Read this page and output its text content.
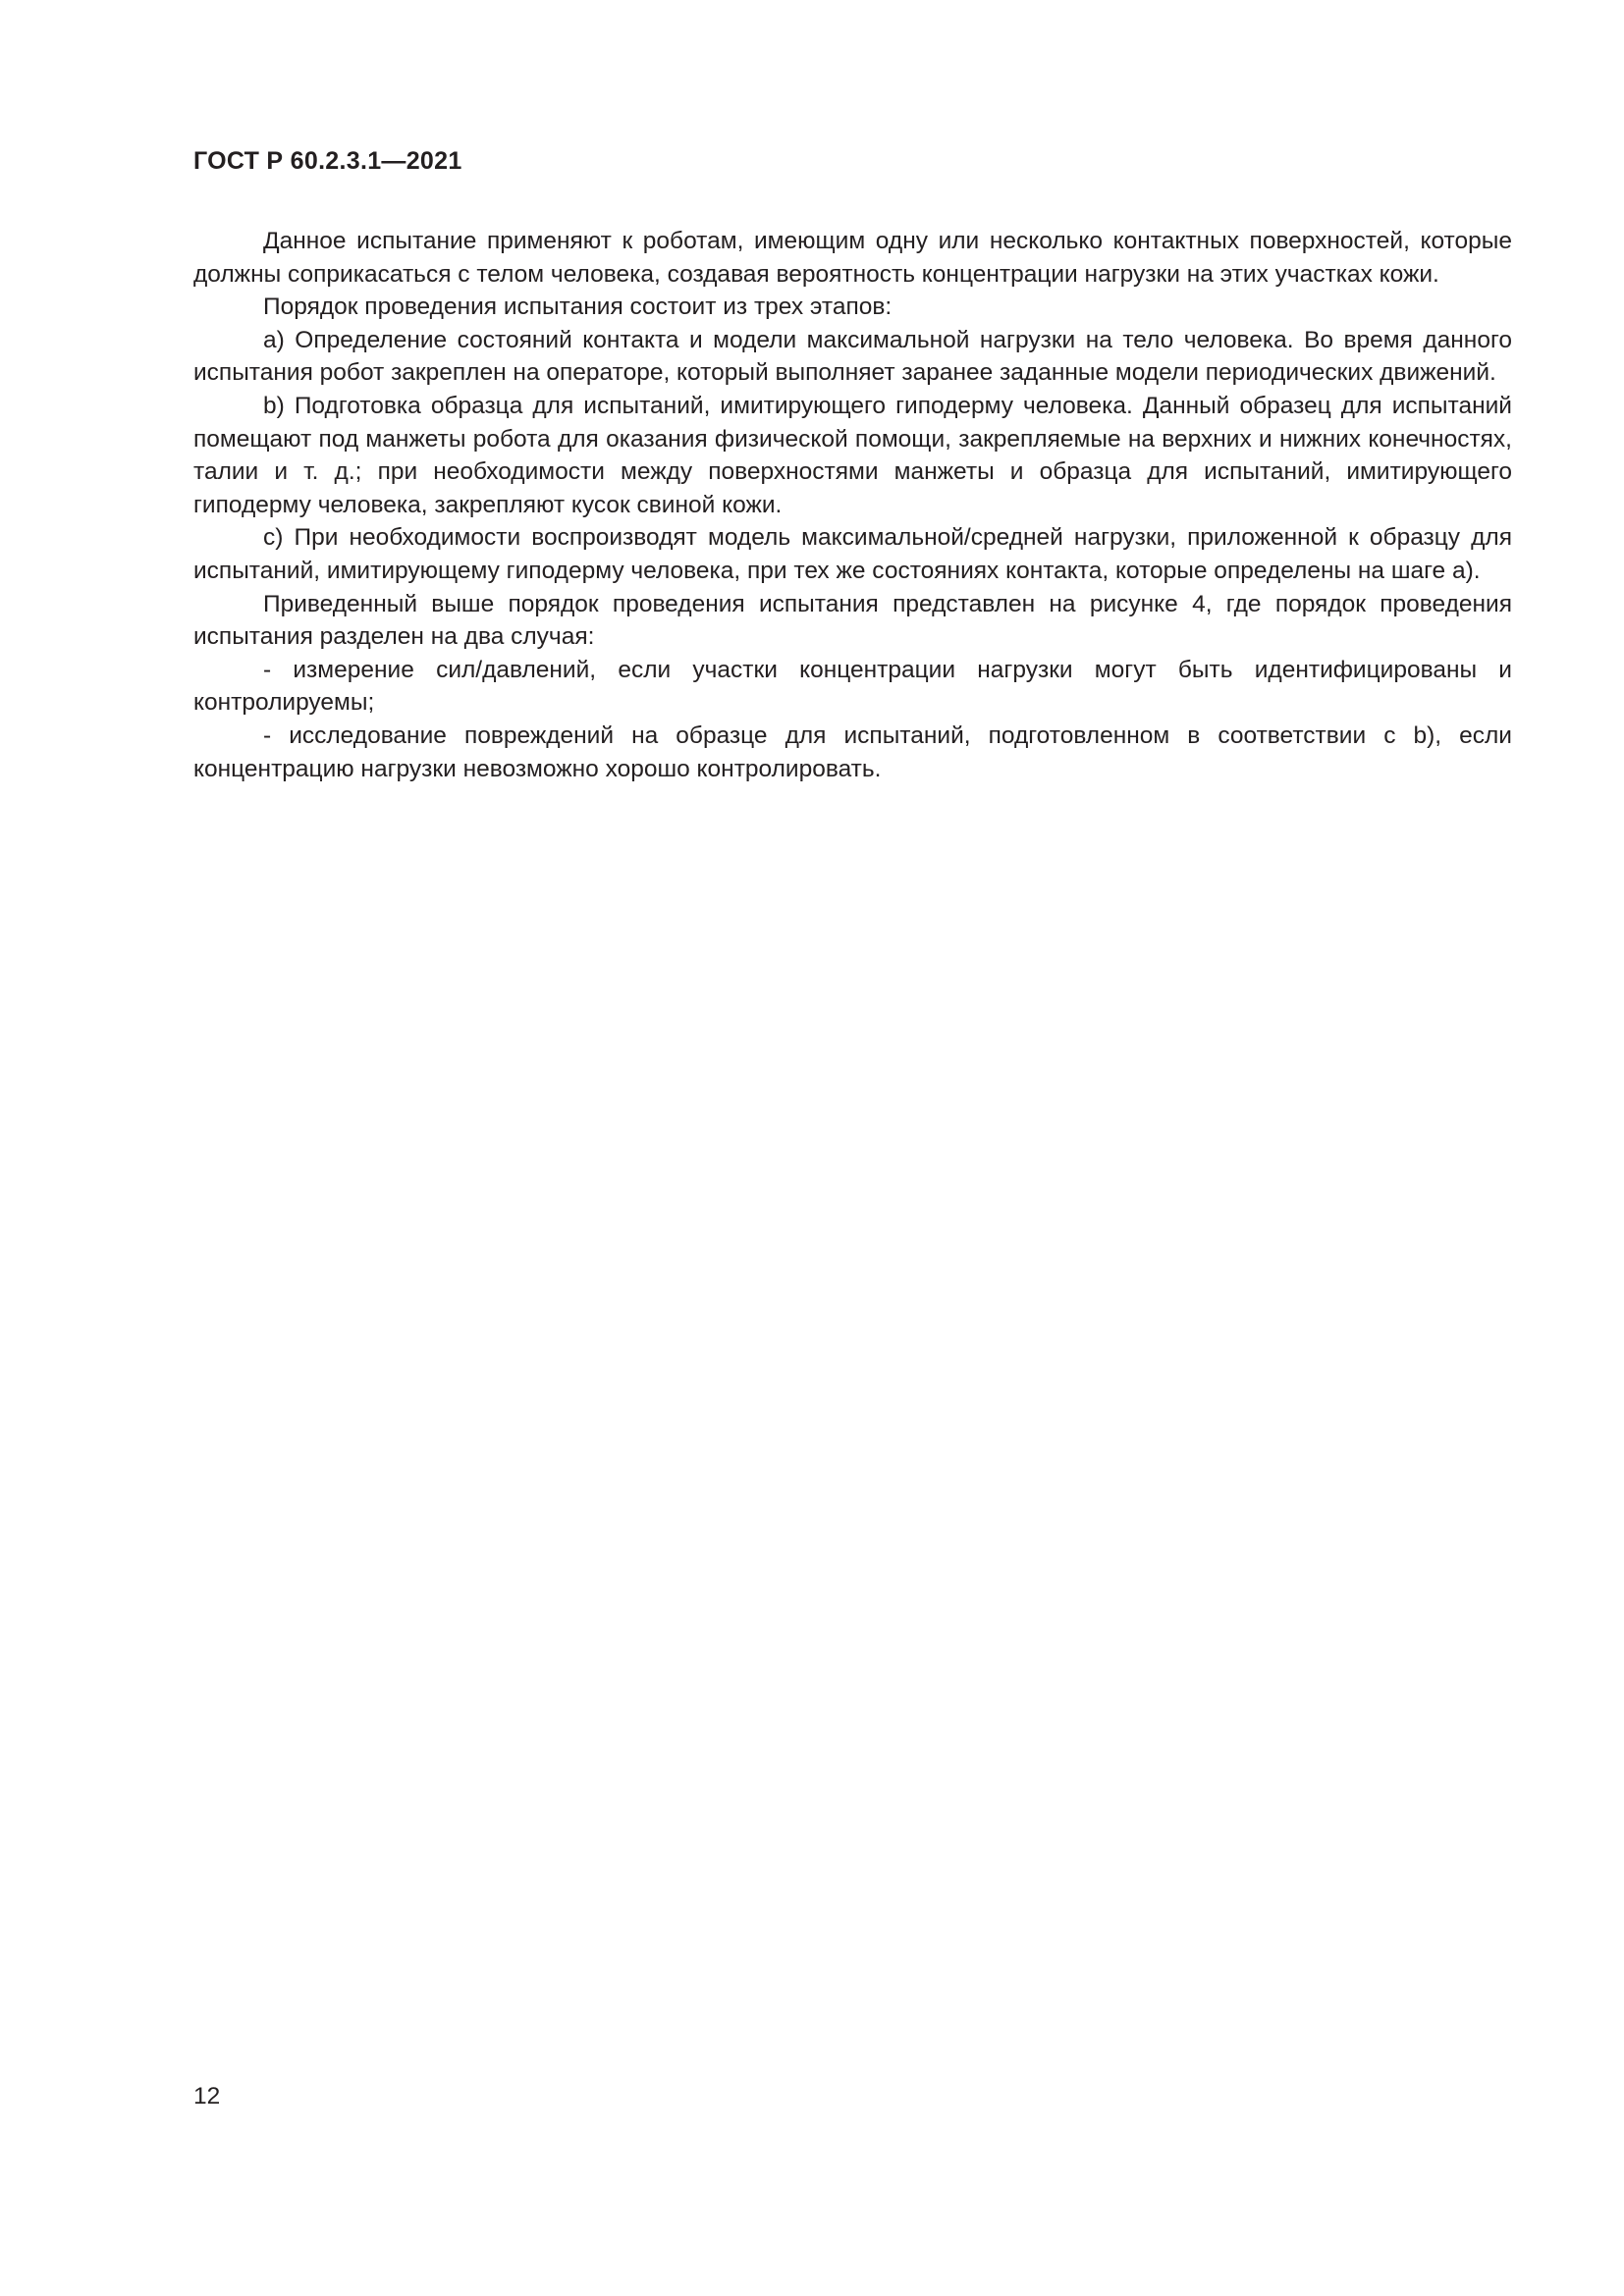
ГОСТ Р 60.2.3.1—2021

Данное испытание применяют к роботам, имеющим одну или несколько контактных поверхностей, которые должны соприкасаться с телом человека, создавая вероятность концентрации нагрузки на этих участках кожи.

Порядок проведения испытания состоит из трех этапов:

а) Определение состояний контакта и модели максимальной нагрузки на тело человека. Во время данного испытания робот закреплен на операторе, который выполняет заранее заданные модели периодических движений.

b) Подготовка образца для испытаний, имитирующего гиподерму человека. Данный образец для испытаний помещают под манжеты робота для оказания физической помощи, закрепляемые на верхних и нижних конечностях, талии и т. д.; при необходимости между поверхностями манжеты и образца для испытаний, имитирующего гиподерму человека, закрепляют кусок свиной кожи.

с) При необходимости воспроизводят модель максимальной/средней нагрузки, приложенной к образцу для испытаний, имитирующему гиподерму человека, при тех же состояниях контакта, которые определены на шаге а).

Приведенный выше порядок проведения испытания представлен на рисунке 4, где порядок проведения испытания разделен на два случая:

- измерение сил/давлений, если участки концентрации нагрузки могут быть идентифицированы и контролируемы;

- исследование повреждений на образце для испытаний, подготовленном в соответствии с b), если концентрацию нагрузки невозможно хорошо контролировать.

12
